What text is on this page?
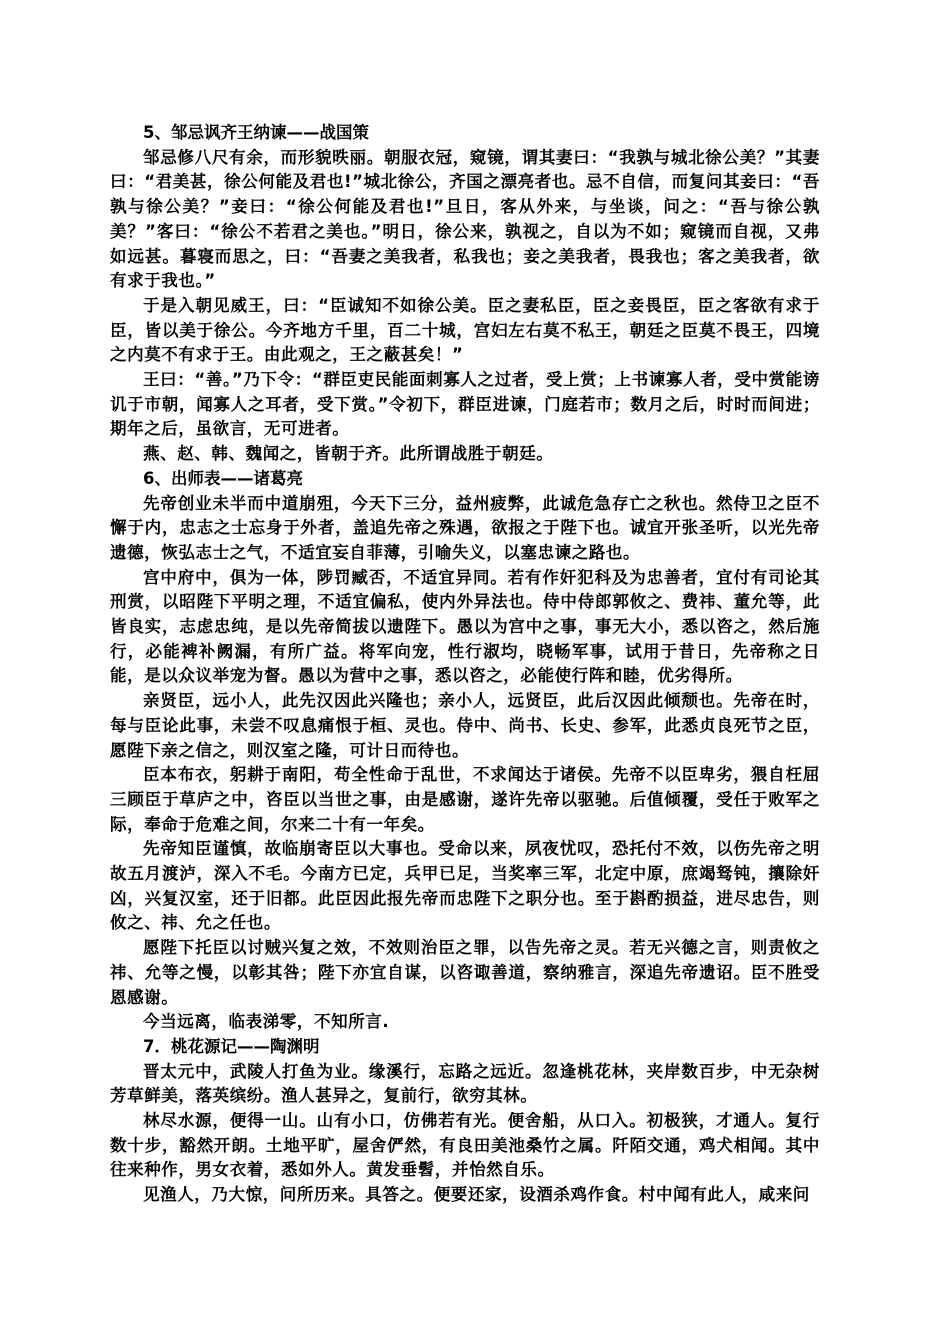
5、邹忌讽齐王纳谏——战国策

邹忌修八尺有余，而形貌昳丽。朝服衣冠，窥镜，谓其妻曰：“我孰与城北徐公美？”其妻曰：“君美甚，徐公何能及君也!”城北徐公，齐国之漂亮者也。忌不自信，而复问其妾曰：“吾孰与徐公美？”妾曰：“徐公何能及君也!”旦日，客从外来，与坐谈，问之：“吾与徐公孰美？”客曰：“徐公不若君之美也。”明日，徐公来，孰视之，自以为不如；窥镜而自视，又弗如远甚。暮寝而思之，曰：“吾妻之美我者，私我也；妾之美我者，畏我也；客之美我者，欲有求于我也。”

于是入朝见威王，曰：“臣诚知不如徐公美。臣之妻私臣，臣之妾畏臣，臣之客欲有求于臣，皆以美于徐公。今齐地方千里，百二十城，宫妇左右莫不私王，朝廷之臣莫不畏王，四境之内莫不有求于王。由此观之，王之蔽甚矣！”

王曰：“善。”乃下令：“群臣吏民能面刺寡人之过者，受上赏；上书谏寡人者，受中赏能谤讥于市朝，闻寡人之耳者，受下赏。”令初下，群臣进谏，门庭若市；数月之后，时时而间进；期年之后，虽欲言，无可进者。

燕、赵、韩、魏闻之，皆朝于齐。此所谓战胜于朝廷。

6、出师表——诸葛亮

先帝创业未半而中道崩殂，今天下三分，益州疲弊，此诚危急存亡之秋也。然侍卫之臣不懈于内，忠志之士忘身于外者，盖追先帝之殊遇，欲报之于陛下也。诚宜开张圣听，以光先帝遗德，恢弘志士之气，不适宜妄自菲薄，引喻失义，以塞忠谏之路也。

宫中府中，俱为一体，陟罚臧否，不适宜异同。若有作奸犯科及为忠善者，宜付有司论其刑赏，以昭陛下平明之理，不适宜偏私，使内外异法也。侍中侍郎郭攸之、费祎、董允等，此皆良实，志虑忠纯，是以先帝简拔以遗陛下。愚以为宫中之事，事无大小，悉以咨之，然后施行，必能裨补阙漏，有所广益。将军向宠，性行淑均，晓畅军事，试用于昔日，先帝称之日能，是以众议举宠为督。愚以为营中之事，悉以咨之，必能使行阵和睦，优劣得所。

亲贤臣，远小人，此先汉因此兴隆也；亲小人，远贤臣，此后汉因此倾颓也。先帝在时，每与臣论此事，未尝不叹息痛恨于桓、灵也。侍中、尚书、长史、参军，此悉贞良死节之臣，愿陛下亲之信之，则汉室之隆，可计日而待也。

臣本布衣，躬耕于南阳，苟全性命于乱世，不求闻达于诸侯。先帝不以臣卑劣，猥自枉屈三顾臣于草庐之中，咨臣以当世之事，由是感谢，遂许先帝以驱驰。后值倾覆，受任于败军之际，奉命于危难之间，尔来二十有一年矣。

先帝知臣谨慎，故临崩寄臣以大事也。受命以来，夙夜忧叹，恐托付不效，以伤先帝之明故五月渡泸，深入不毛。今南方已定，兵甲已足，当奖率三军，北定中原，庶竭驽钝，攘除奸凶，兴复汉室，还于旧都。此臣因此报先帝而忠陛下之职分也。至于斟酌损益，进尽忠告，则攸之、祎、允之任也。

愿陛下托臣以讨贼兴复之效，不效则治臣之罪，以告先帝之灵。若无兴德之言，则责攸之祎、允等之慢，以彰其咎；陛下亦宜自谋，以咨诹善道，察纳雅言，深追先帝遗诏。臣不胜受恩感谢。

今当远离，临表涕零，不知所言.

7．桃花源记——陶渊明

晋太元中，武陵人打鱼为业。缘溪行，忘路之远近。忽逢桃花林，夹岸数百步，中无杂树芳草鲜美，落英缤纷。渔人甚异之，复前行，欲穷其林。

林尽水源，便得一山。山有小口，仿佛若有光。便舍船，从口入。初极狭，才通人。复行数十步，豁然开朗。土地平旷，屋舍俨然，有良田美池桑竹之属。阡陌交通，鸡犬相闻。其中往来种作，男女衣着，悉如外人。黄发垂髫，并怡然自乐。

见渔人，乃大惊，问所历来。具答之。便要还家，设酒杀鸡作食。村中闻有此人，咸来问
